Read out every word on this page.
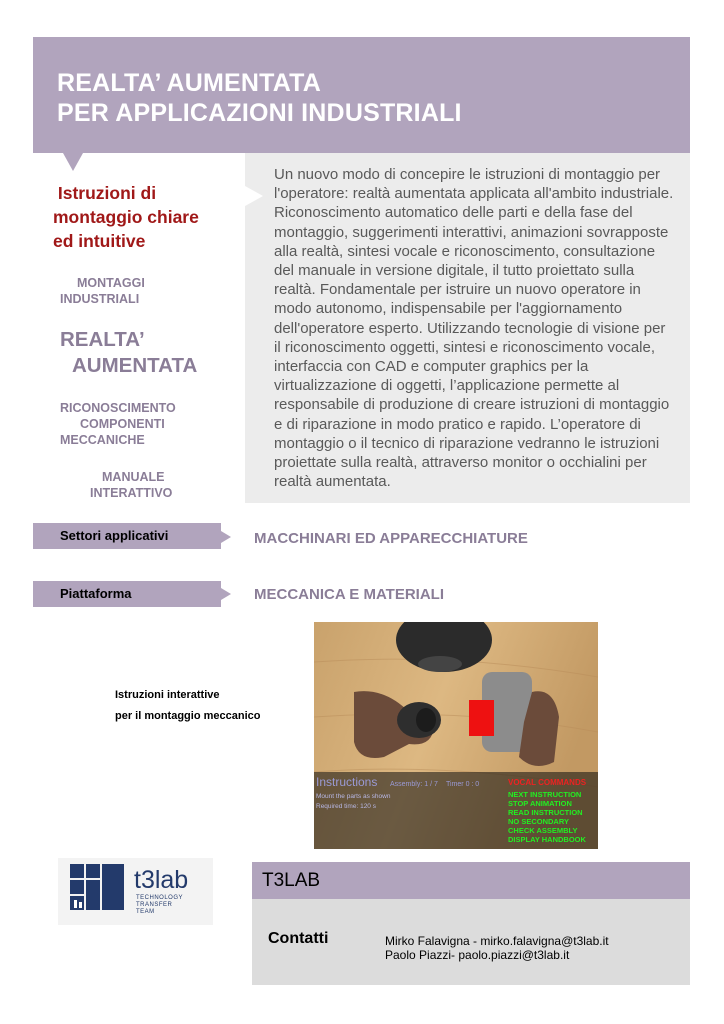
REALTA’ AUMENTATA
PER APPLICAZIONI INDUSTRIALI
Un nuovo modo di concepire le istruzioni di montaggio per l'operatore: realtà aumentata applicata all'ambito industriale. Riconoscimento automatico delle parti e della fase del montaggio, suggerimenti interattivi, animazioni sovrapposte alla realtà, sintesi vocale e riconoscimento, consultazione del manuale in versione digitale, il tutto proiettato sulla realtà. Fondamentale per istruire un nuovo operatore in modo autonomo, indispensabile per l'aggiornamento dell'operatore esperto. Utilizzando tecnologie di visione per il riconoscimento oggetti, sintesi e riconoscimento vocale, interfaccia con CAD e computer graphics per la virtualizzazione di oggetti, l’applicazione permette al responsabile di produzione di creare istruzioni di montaggio e di riparazione in modo pratico e rapido. L’operatore di montaggio o il tecnico di riparazione vedranno le istruzioni proiettate sulla realtà, attraverso monitor o occhialini per realtà aumentata.
Istruzioni di
montaggio chiare
ed intuitive
MONTAGGI
INDUSTRIALI
REALTA’
AUMENTATA
RICONOSCIMENTO
COMPONENTI
MECCANICHE
MANUALE
INTERATTIVO
Settori applicativi	MACCHINARI ED APPARECCHIATURE
Piattaforma	MECCANICA E MATERIALI
Istruzioni interattive
per il montaggio meccanico
Instructions Assembly: 1 / 7 Timer 0 : 0
Mount the parts as shown
Required time: 120 s
VOCAL COMMANDS
NEXT INSTRUCTION
STOP ANIMATION
READ INSTRUCTION
NO SECONDARY
CHECK ASSEMBLY
DISPLAY HANDBOOK
t3lab
TECHNOLOGY
TRANSFER
TEAM
T3LAB
Contatti	Mirko Falavigna - mirko.falavigna@t3lab.it
Paolo Piazzi- paolo.piazzi@t3lab.it
